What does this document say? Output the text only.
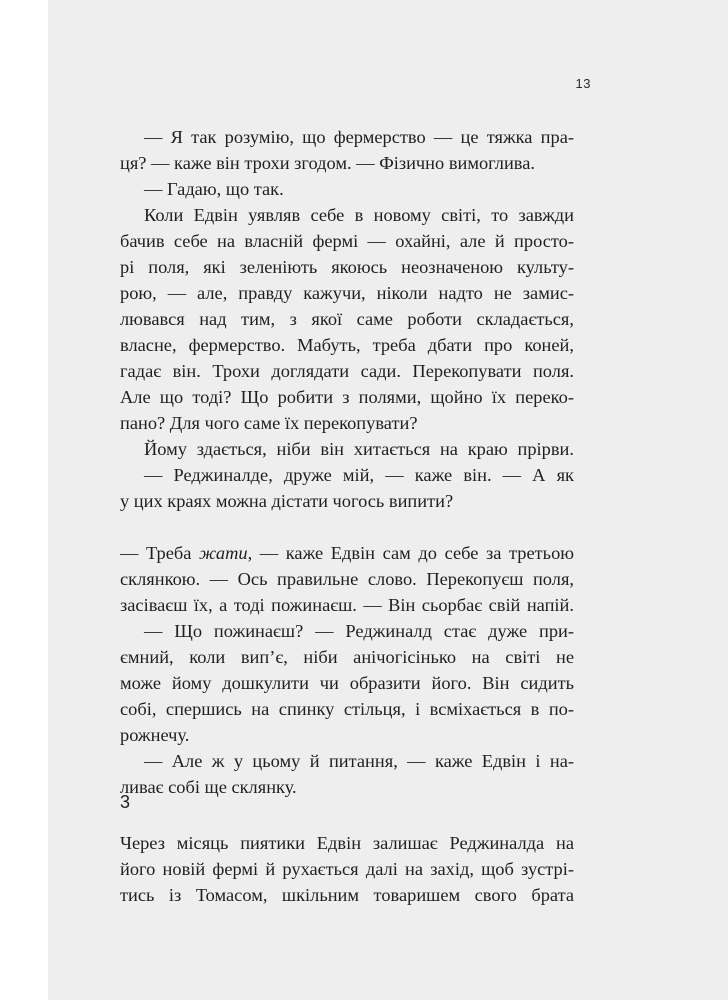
13

— Я так розумію, що фермерство — це тяжка пра-

ця? — каже він трохи згодом. — Фізично вимоглива.

— Гадаю, що так.

Коли Едвін уявляв себе в новому світі, то завжди

бачив себе на власній фермі — охайні, але й просто-

рі поля, які зеленіють якоюсь неозначеною культу-

рою, — але, правду кажучи, ніколи надто не замис-

лювався над тим, з якої саме роботи складається,

власне, фермерство. Мабуть, треба дбати про коней,

гадає він. Трохи доглядати сади. Перекопувати поля.

Але що тоді? Що робити з полями, щойно їх переко-

пано? Для чого саме їх перекопувати?

Йому здається, ніби він хитається на краю прірви.

— Реджиналде, друже мій, — каже він. — А як

у цих краях можна дістати чогось випити?

— Треба жати, — каже Едвін сам до себе за третьою

склянкою. — Ось правильне слово. Перекопуєш поля,

засіваєш їх, а тоді пожинаєш. — Він сьорбає свій напій.

— Що пожинаєш? — Реджиналд стає дуже при-

ємний, коли вип’є, ніби анічогісінько на світі не

може йому дошкулити чи образити його. Він сидить

собі, спершись на спинку стільця, і всміхається в по-

рожнечу.

— Але ж у цьому й питання, — каже Едвін і на-

ливає собі ще склянку.

3

Через місяць пиятики Едвін залишає Реджиналда на

його новій фермі й рухається далі на захід, щоб зустрі-

тись із Томасом, шкільним товаришем свого брата
